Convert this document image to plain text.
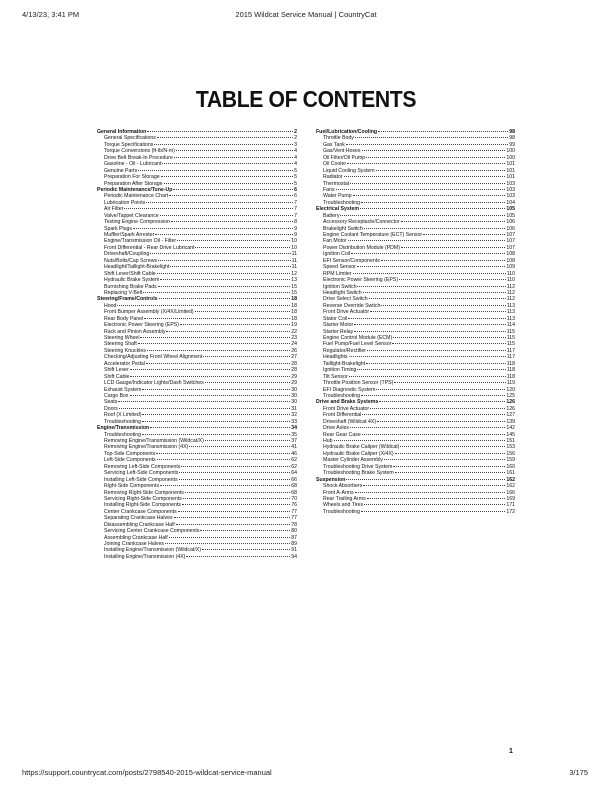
4/13/23, 3:41 PM	2015 Wildcat Service Manual | CountryCat
TABLE OF CONTENTS
General Information	2
General Specifications	2
Torque Specifications	3
Torque Conversions (ft-lb/N-m)	4
Drive Belt Break-In Procedure	4
Gasoline - Oil - Lubricant	4
Genuine Parts	5
Preparation For Storage	5
Preparation After Storage	5
Periodic Maintenance/Tune-Up	6
Periodic Maintenance Chart	6
Lubrication Points	7
Air Filter	7
Valve/Tappet Clearance	7
Testing Engine Compression	8
Spark Plugs	9
Muffler/Spark Arrester	9
Engine/Transmission Oil - Filter	10
Front Differential - Rear Drive Lubricant	10
Driveshaft/Coupling	11
Nuts/Bolts/Cap Screws	11
Headlight/Taillight-Brakelight	11
Shift Lever/Shift Cable	12
Hydraulic Brake System	13
Burnishing Brake Pads	15
Replacing V-Belt	15
Steering/Frame/Controls	18
Hood	18
Front Bumper Assembly (X/4X/Limited)	18
Rear Body Panel	18
Electronic Power Steering (EPS)	19
Rack and Pinion Assembly	22
Steering Wheel	23
Steering Shaft	24
Steering Knuckles	26
Checking/Adjusting Front Wheel Alignment	27
Accelerator Pedal	28
Shift Lever	28
Shift Cable	29
LCD Gauge/Indicator Lights/Dash Switches	29
Exhaust System	30
Cargo Box	30
Seats	30
Doors	31
Roof (X Limited)	32
Troubleshooting	33
Engine/Transmission	34
Troubleshooting	35
Removing Engine/Transmission (Wildcat/X)	37
Removing Engine/Transmission (4X)	41
Top-Side Components	46
Left-Side Components	62
Removing Left-Side Components	62
Servicing Left-Side Components	64
Installing Left-Side Components	66
Right-Side Components	68
Removing Right-Side Components	68
Servicing Right-Side Components	70
Installing Right-Side Components	76
Center Crankcase Components	77
Separating Crankcase Halves	77
Disassembling Crankcase Half	78
Servicing Center Crankcase Components	80
Assembling Crankcase Half	87
Joining Crankcase Halves	89
Installing Engine/Transmission (Wildcat/X)	91
Installing Engine/Transmission (4X)	94
Fuel/Lubrication/Cooling	98
Throttle Body	98
Gas Tank	99
Gas/Vent Hoses	100
Oil Filter/Oil Pump	100
Oil Cooler	101
Liquid Cooling System	101
Radiator	101
Thermostat	103
Fans	103
Water Pump	103
Troubleshooting	104
Electrical System	105
Battery	105
Accessory Receptacle/Connector	106
Brakelight Switch	106
Engine Coolant Temperature (ECT) Sensor	107
Fan Motor	107
Power Distribution Module (PDM)	107
Ignition Coil	108
EFI Sensor/Components	108
Speed Sensor	109
RPM Limiter	110
Electronic Power Steering (EPS)	110
Ignition Switch	112
Headlight Switch	112
Drive Select Switch	112
Reverse Override Switch	113
Front Drive Actuator	113
Stator Coil	113
Starter Motor	114
Starter Relay	115
Engine Control Module (ECM)	115
Fuel Pump/Fuel Level Sensor	115
Regulator/Rectifier	117
Headlights	117
Taillight-Brakelight	118
Ignition Timing	118
Tilt Sensor	118
Throttle Position Sensor (TPS)	119
EFI Diagnostic System	120
Troubleshooting	125
Drive and Brake Systems	126
Front Drive Actuator	126
Front Differential	127
Driveshaft (Wildcat 4X)	139
Drive Axles	142
Rear Gear Case	145
Hub	151
Hydraulic Brake Caliper (Wildcat)	153
Hydraulic Brake Caliper (X/4X)	156
Master Cylinder Assembly	159
Troubleshooting Drive System	160
Troubleshooting Brake System	161
Suspension	162
Shock Absorbers	162
Front A-Arms	166
Rear Trailing Arms	169
Wheels and Tires	171
Troubleshooting	172
1
https://support.countrycat.com/posts/2798540-2015-wildcat-service-manual	3/175
